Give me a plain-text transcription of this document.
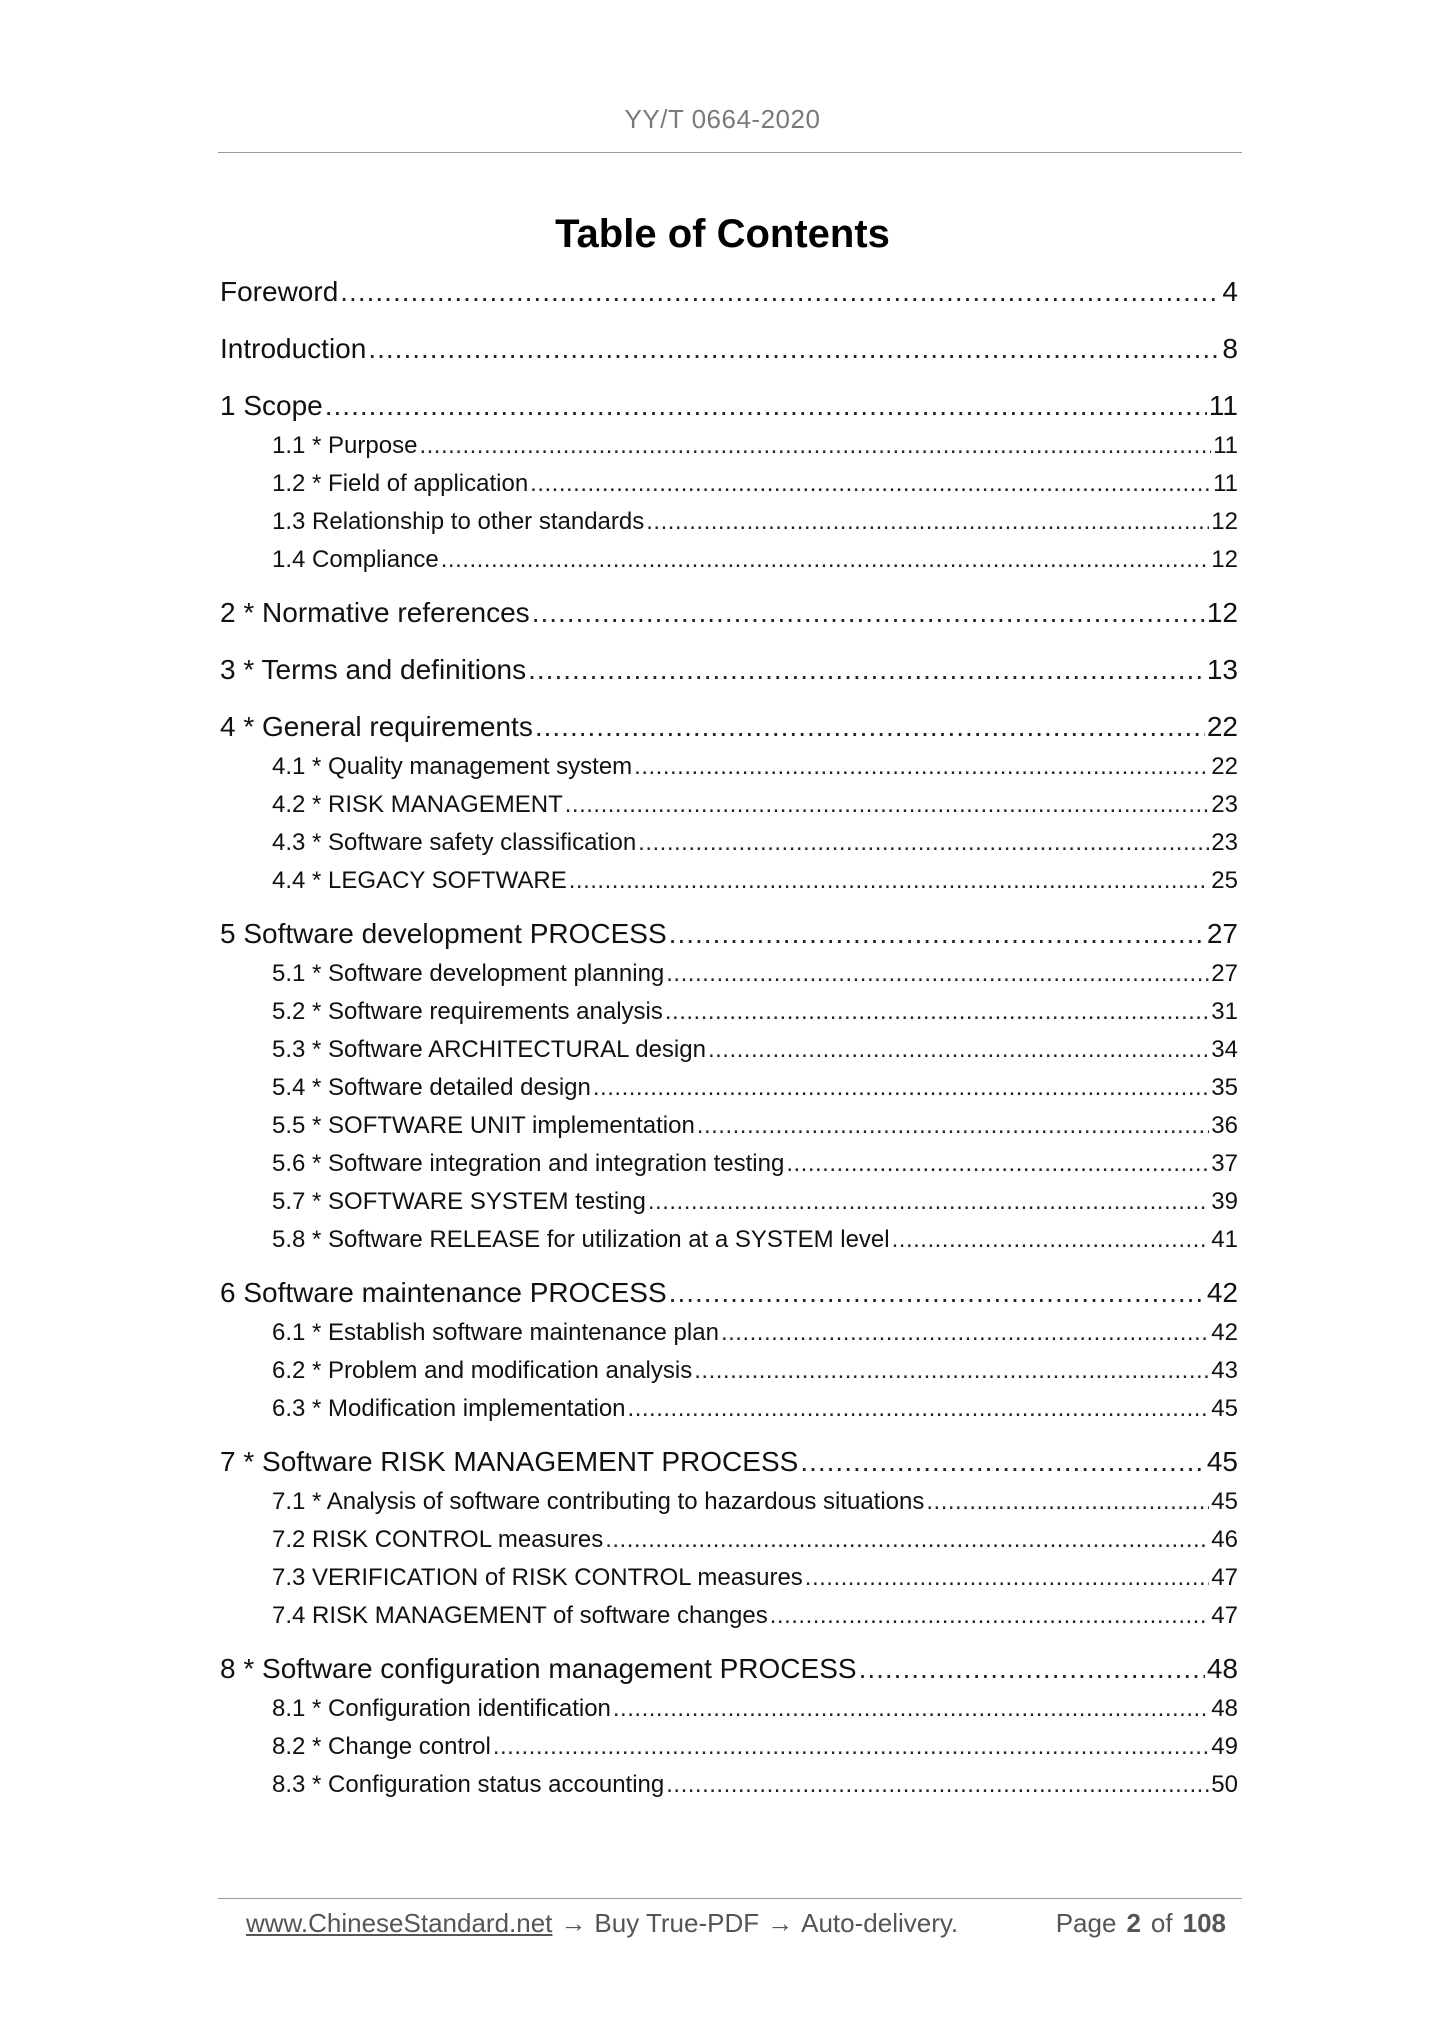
YY/T 0664-2020
Table of Contents
Foreword .....	4
Introduction .....	8
1 Scope .....	11
1.1 * Purpose .....	11
1.2 * Field of application .....	11
1.3 Relationship to other standards .....	12
1.4 Compliance .....	12
2 * Normative references .....	12
3 * Terms and definitions .....	13
4 * General requirements .....	22
4.1 * Quality management system .....	22
4.2 * RISK MANAGEMENT .....	23
4.3 * Software safety classification .....	23
4.4 * LEGACY SOFTWARE .....	25
5 Software development PROCESS .....	27
5.1 * Software development planning .....	27
5.2 * Software requirements analysis .....	31
5.3 * Software ARCHITECTURAL design .....	34
5.4 * Software detailed design .....	35
5.5 * SOFTWARE UNIT implementation .....	36
5.6 * Software integration and integration testing .....	37
5.7 * SOFTWARE SYSTEM testing .....	39
5.8 * Software RELEASE for utilization at a SYSTEM level .....	41
6 Software maintenance PROCESS .....	42
6.1 * Establish software maintenance plan .....	42
6.2 * Problem and modification analysis .....	43
6.3 * Modification implementation .....	45
7 * Software RISK MANAGEMENT PROCESS .....	45
7.1 * Analysis of software contributing to hazardous situations .....	45
7.2 RISK CONTROL measures .....	46
7.3 VERIFICATION of RISK CONTROL measures .....	47
7.4 RISK MANAGEMENT of software changes .....	47
8 * Software configuration management PROCESS .....	48
8.1 * Configuration identification .....	48
8.2 * Change control .....	49
8.3 * Configuration status accounting .....	50
www.ChineseStandard.net → Buy True-PDF → Auto-delivery.	Page 2 of 108
